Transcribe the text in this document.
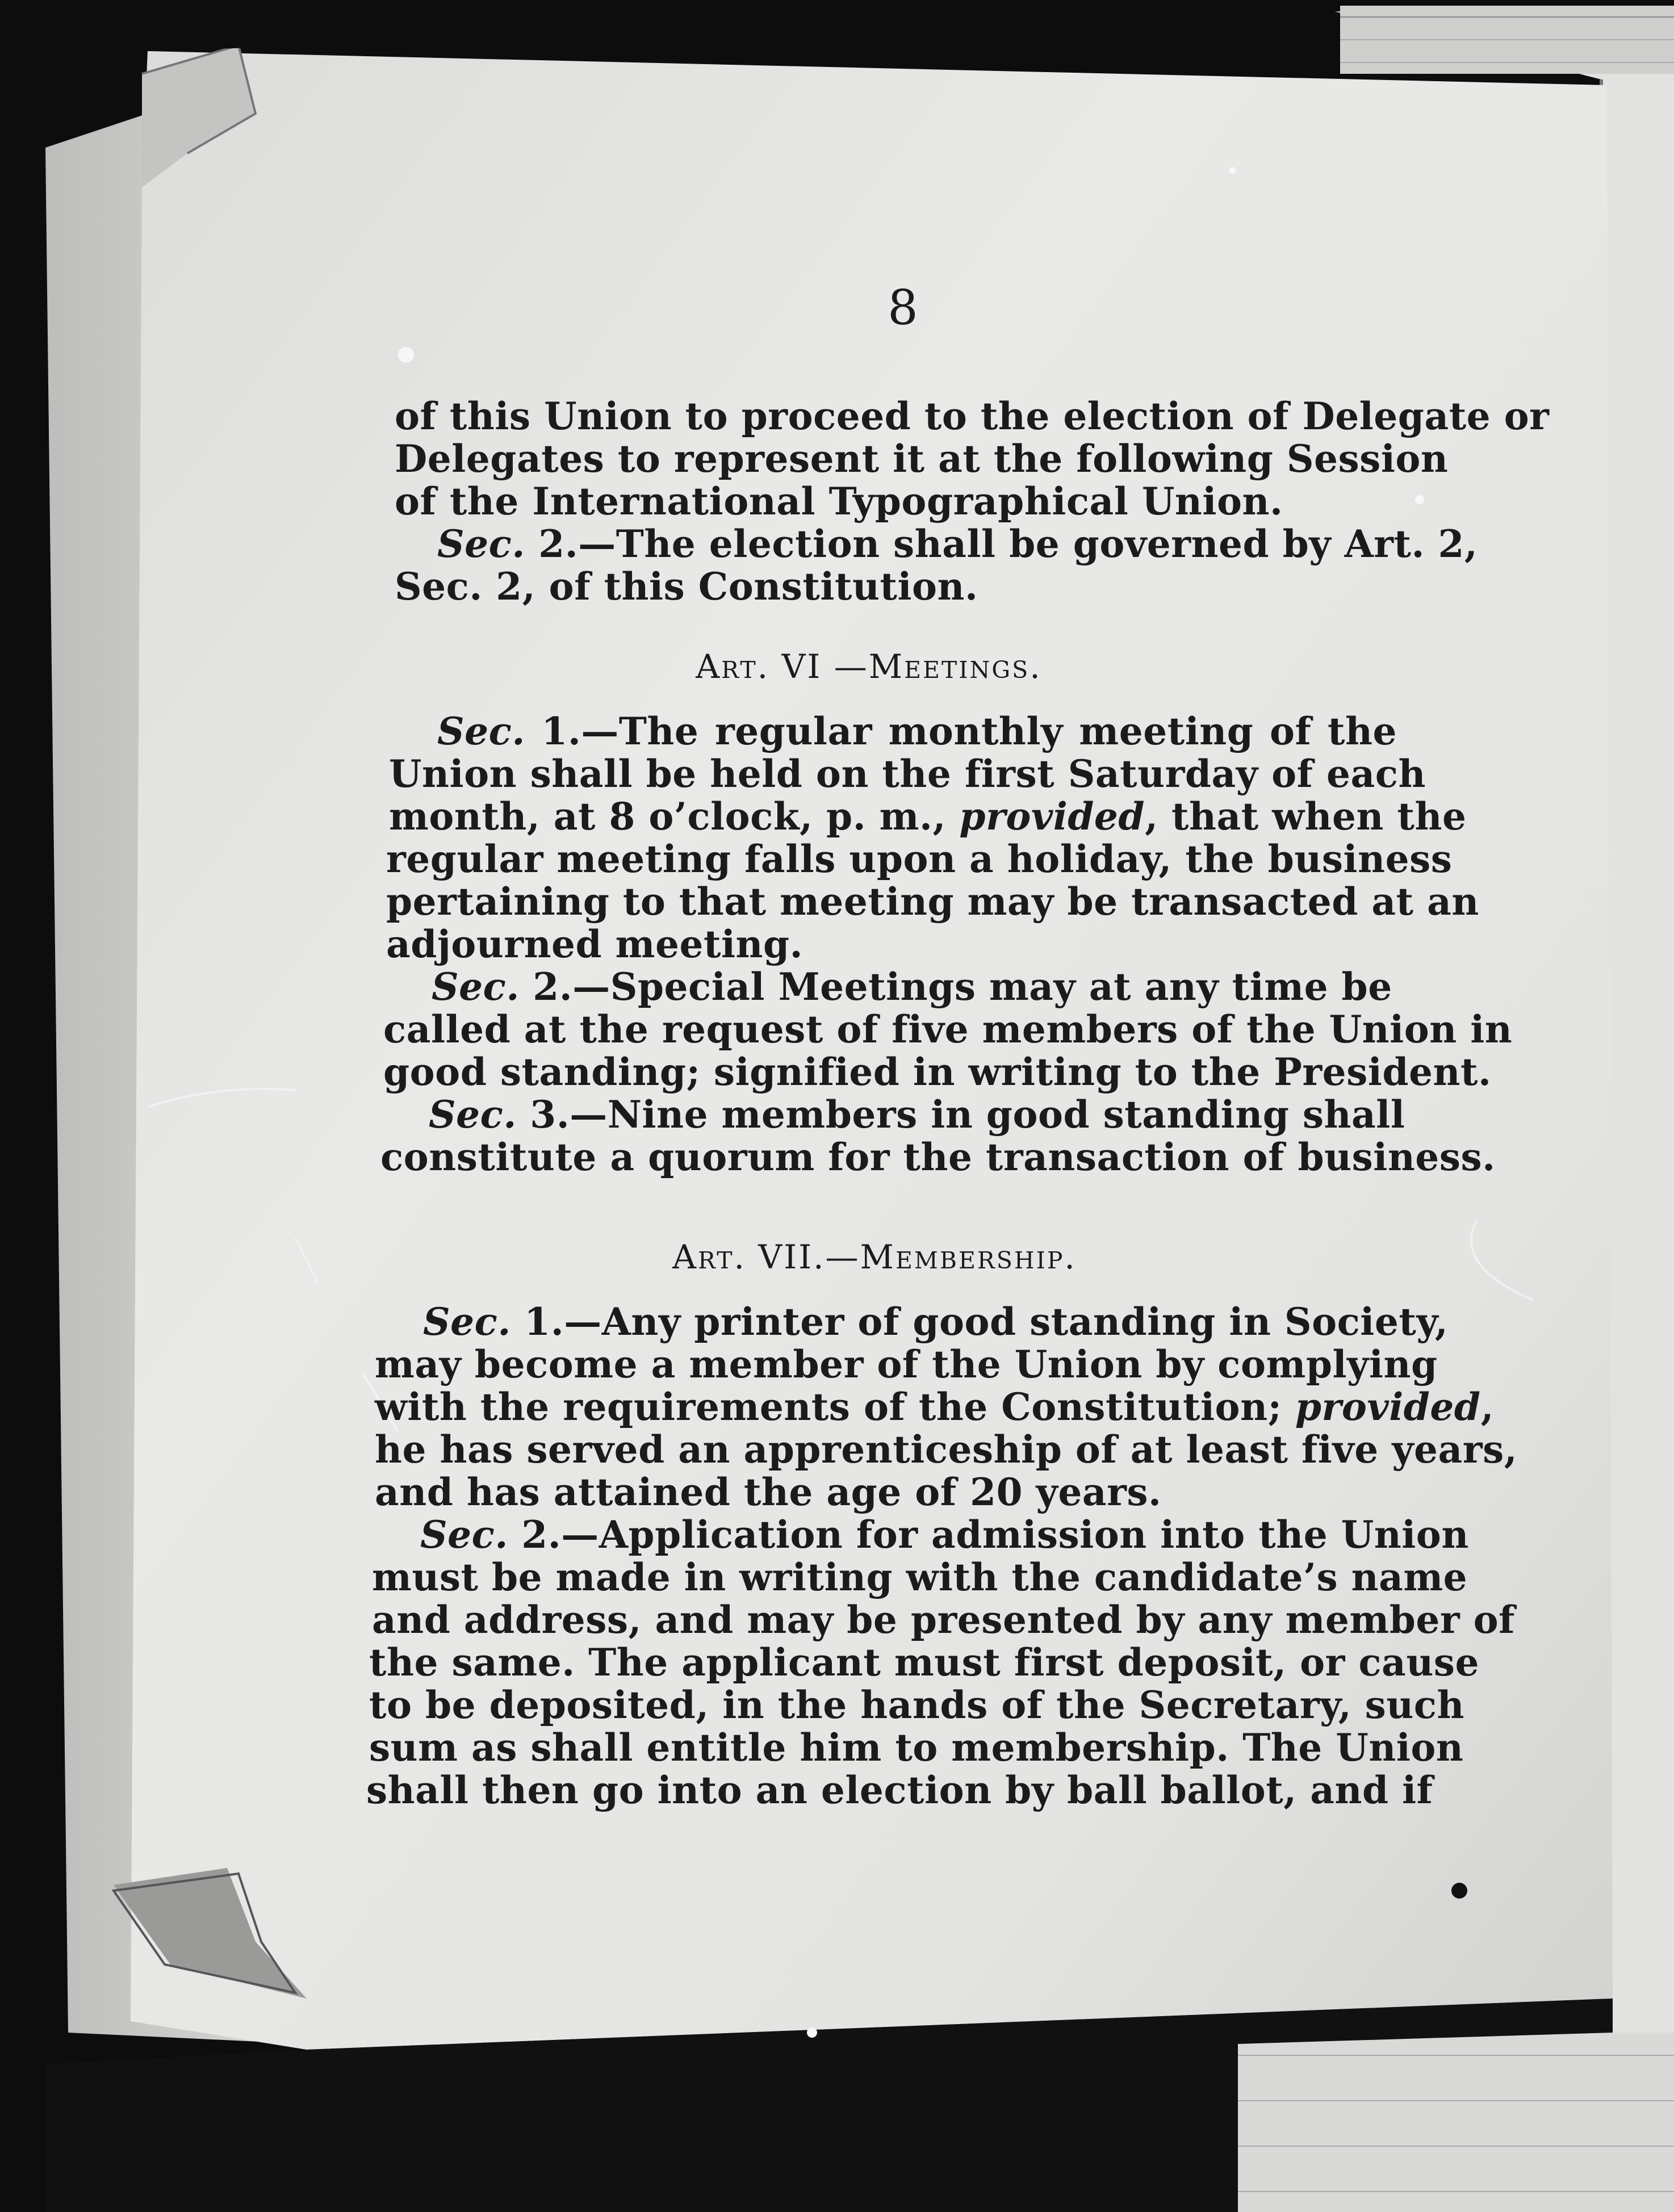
8
of this Union to proceed to the election of Delegate or
Delegates to represent it at the following Session
of the International Typographical Union.
Sec. 2.—The election shall be governed by Art. 2,
Sec. 2, of this Constitution.
Art. VI —Meetings.
Sec. 1.—The regular monthly meeting of the
Union shall be held on the first Saturday of each
month, at 8 o’clock, p. m., provided, that when the
regular meeting falls upon a holiday, the business
pertaining to that meeting may be transacted at an
adjourned meeting.
Sec. 2.—Special Meetings may at any time be
called at the request of five members of the Union in
good standing; signified in writing to the President.
Sec. 3.—Nine members in good standing shall
constitute a quorum for the transaction of business.
Art. VII.—Membership.
Sec. 1.—Any printer of good standing in Society,
may become a member of the Union by complying
with the requirements of the Constitution; provided,
he has served an apprenticeship of at least five years,
and has attained the age of 20 years.
Sec. 2.—Application for admission into the Union
must be made in writing with the candidate’s name
and address, and may be presented by any member of
the same. The applicant must first deposit, or cause
to be deposited, in the hands of the Secretary, such
sum as shall entitle him to membership. The Union
shall then go into an election by ball ballot, and if
